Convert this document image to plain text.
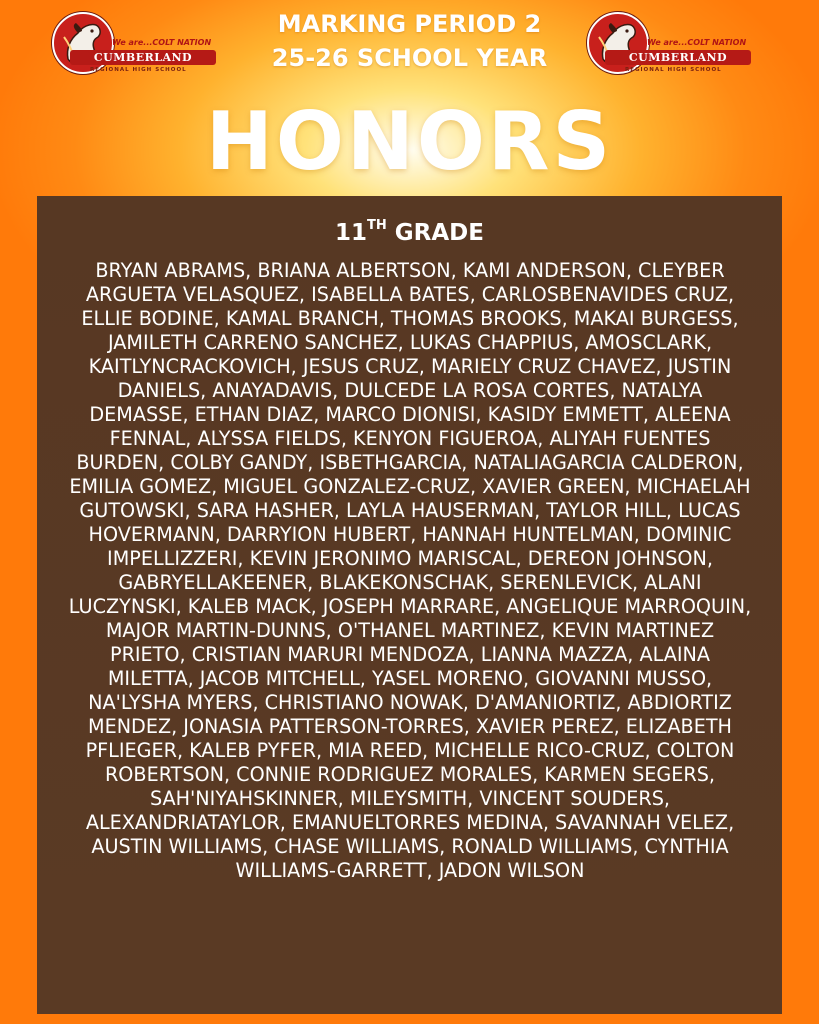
We are...COLT NATION
CUMBERLAND
REGIONAL HIGH SCHOOL
We are...COLT NATION
CUMBERLAND
REGIONAL HIGH SCHOOL
MARKING PERIOD 2
25-26 SCHOOL YEAR
HONORS
11TH GRADE
BRYAN ABRAMS, BRIANA ALBERTSON, KAMI ANDERSON, CLEYBER ARGUETA VELASQUEZ, ISABELLA BATES, CARLOSBENAVIDES CRUZ, ELLIE BODINE, KAMAL BRANCH, THOMAS BROOKS, MAKAI BURGESS, JAMILETH CARRENO SANCHEZ, LUKAS CHAPPIUS, AMOSCLARK, KAITLYNCRACKOVICH, JESUS CRUZ, MARIELY CRUZ CHAVEZ, JUSTIN DANIELS, ANAYADAVIS, DULCEDE LA ROSA CORTES, NATALYA DEMASSE, ETHAN DIAZ, MARCO DIONISI, KASIDY EMMETT, ALEENA FENNAL, ALYSSA FIELDS, KENYON FIGUEROA, ALIYAH FUENTES BURDEN, COLBY GANDY, ISBETHGARCIA, NATALIAGARCIA CALDERON, EMILIA GOMEZ, MIGUEL GONZALEZ-CRUZ, XAVIER GREEN, MICHAELAH GUTOWSKI, SARA HASHER, LAYLA HAUSERMAN, TAYLOR HILL, LUCAS HOVERMANN, DARRYION HUBERT, HANNAH HUNTELMAN, DOMINIC IMPELLIZZERI, KEVIN JERONIMO MARISCAL, DEREON JOHNSON, GABRYELLAKEENER, BLAKEKONSCHAK, SERENLEVICK, ALANI LUCZYNSKI, KALEB MACK, JOSEPH MARRARE, ANGELIQUE MARROQUIN, MAJOR MARTIN-DUNNS, O'THANEL MARTINEZ, KEVIN MARTINEZ PRIETO, CRISTIAN MARURI MENDOZA, LIANNA MAZZA, ALAINA MILETTA, JACOB MITCHELL, YASEL MORENO, GIOVANNI MUSSO, NA'LYSHA MYERS, CHRISTIANO NOWAK, D'AMANIORTIZ, ABDIORTIZ MENDEZ, JONASIA PATTERSON-TORRES, XAVIER PEREZ, ELIZABETH PFLIEGER, KALEB PYFER, MIA REED, MICHELLE RICO-CRUZ, COLTON ROBERTSON, CONNIE RODRIGUEZ MORALES, KARMEN SEGERS, SAH'NIYAHSKINNER, MILEYSMITH, VINCENT SOUDERS, ALEXANDRIATAYLOR, EMANUELTORRES MEDINA, SAVANNAH VELEZ, AUSTIN WILLIAMS, CHASE WILLIAMS, RONALD WILLIAMS, CYNTHIA WILLIAMS-GARRETT, JADON WILSON
